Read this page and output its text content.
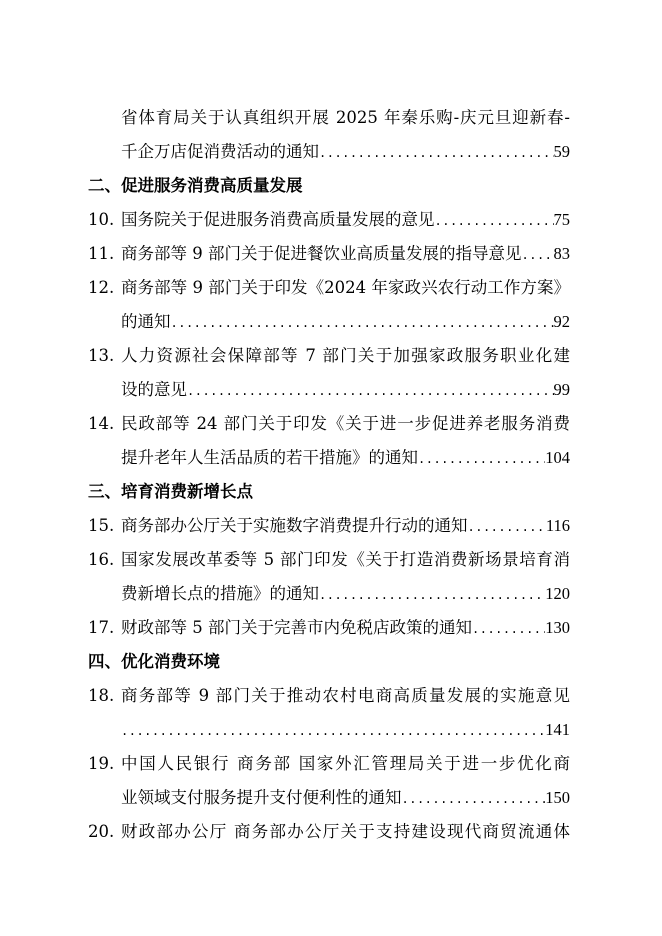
省体育局关于认真组织开展 2025 年秦乐购-庆元旦迎新春-
千企万店促消费活动的通知 .....	59
二、促进服务消费高质量发展
10. 国务院关于促进服务消费高质量发展的意见 .....	75
11. 商务部等 9 部门关于促进餐饮业高质量发展的指导意见 ..... 83
12. 商务部等 9 部门关于印发《2024 年家政兴农行动工作方案》
的通知 .....	92
13. 人力资源社会保障部等 7 部门关于加强家政服务职业化建
设的意见 .....	99
14. 民政部等 24 部门关于印发《关于进一步促进养老服务消费
提升老年人生活品质的若干措施》的通知 .....	104
三、培育消费新增长点
15. 商务部办公厅关于实施数字消费提升行动的通知 .....	116
16. 国家发展改革委等 5 部门印发《关于打造消费新场景培育消
费新增长点的措施》的通知 .....	120
17. 财政部等 5 部门关于完善市内免税店政策的通知 .....	130
四、优化消费环境
18. 商务部等 9 部门关于推动农村电商高质量发展的实施意见
.....
141
19. 中国人民银行 商务部 国家外汇管理局关于进一步优化商
业领域支付服务提升支付便利性的通知 .....	150
20. 财政部办公厅 商务部办公厅关于支持建设现代商贸流通体
